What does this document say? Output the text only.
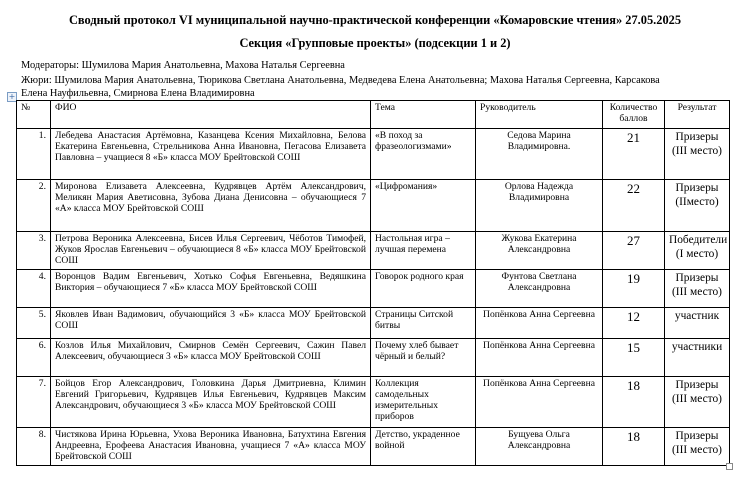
Сводный протокол VI муниципальной научно-практической конференции «Комаровские чтения» 27.05.2025
Секция «Групповые проекты» (подсекции 1 и 2)
Модераторы: Шумилова Мария Анатольевна, Махова Наталья Сергеевна
Жюри: Шумилова Мария Анатольевна, Тюрикова Светлана Анатольевна, Медведева Елена Анатольевна; Махова Наталья Сергеевна, Карсакова
Елена Науфильевна, Смирнова Елена Владимировна
+
№	ФИО	Тема	Руководитель	Количество баллов	Результат
1.	Лебедева Анастасия Артёмовна, Казанцева Ксения Михайловна, Белова Екатерина Евгеньевна, Стрельникова Анна Ивановна, Пегасова Елизавета Павловна – учащиеся 8 «Б» класса МОУ Брейтовской СОШ	«В поход за фразеологизмами»	Седова Марина Владимировна.	21	Призеры (III место)
2.	Миронова Елизавета Алексеевна, Кудрявцев Артём Александрович, Меликян Мария Аветисовна, Зубова Диана Денисовна – обучающиеся 7 «А» класса МОУ Брейтовской СОШ	«Цифромания»	Орлова Надежда Владимировна	22	Призеры (IIместо)
3.	Петрова Вероника Алексеевна, Бисев Илья Сергеевич, Чёботов Тимофей, Жуков Ярослав Евгеньевич – обучающиеся 8 «Б» класса МОУ Брейтовской СОШ	Настольная игра – лучшая перемена	Жукова Екатерина Александровна	27	Победители (I место)
4.	Воронцов Вадим Евгеньевич, Хотько Софья Евгеньевна, Ведяшкина Виктория – обучающиеся 7 «Б» класса МОУ Брейтовской СОШ	Говорок родного края	Фунтова Светлана Александровна	19	Призеры (III место)
5.	Яковлев Иван Вадимович, обучающийся 3 «Б» класса МОУ Брейтовской СОШ	Страницы Ситской битвы	Попёнкова Анна Сергеевна	12	участник
6.	Козлов Илья Михайлович, Смирнов Семён Сергеевич, Сажин Павел Алексеевич, обучающиеся 3 «Б» класса МОУ Брейтовской СОШ	Почему хлеб бывает чёрный и белый?	Попёнкова Анна Сергеевна	15	участники
7.	Бойцов Егор Александрович, Головкина Дарья Дмитриевна, Климин Евгений Григорьевич, Кудрявцев Илья Евгеньевич, Кудрявцев Максим Александрович, обучающиеся 3 «Б» класса МОУ Брейтовской СОШ	Коллекция самодельных измерительных приборов	Попёнкова Анна Сергеевна	18	Призеры (III место)
8.	Чистякова Ирина Юрьевна, Ухова Вероника Ивановна, Батухтина Евгения Андреевна, Ерофеева Анастасия Ивановна, учащиеся 7 «А» класса МОУ Брейтовской СОШ	Детство, укрaденное войной	Бущуева Ольга Александровна	18	Призеры (III место)
